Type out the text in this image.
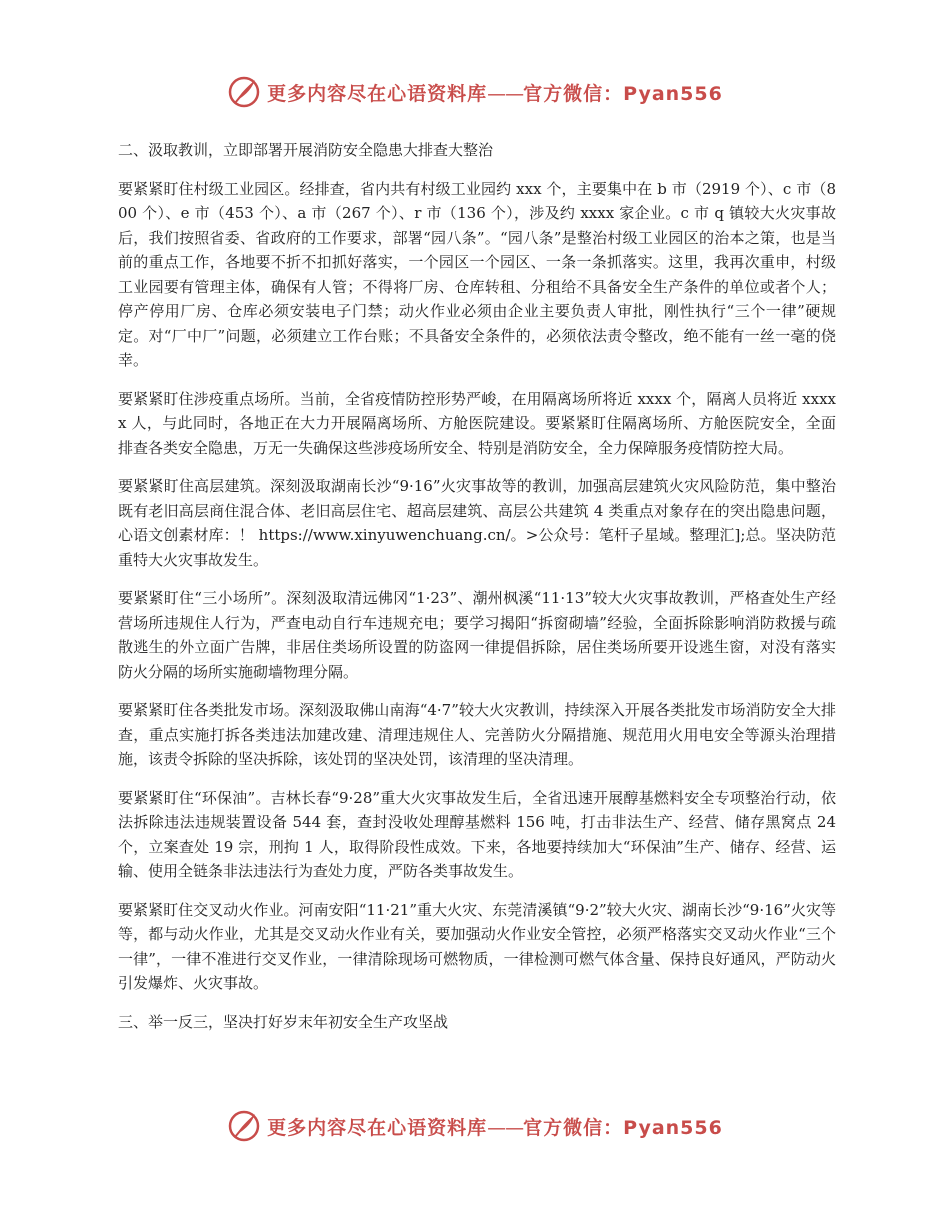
更多内容尽在心语资料库——官方微信：Pyan556

二、汲取教训，立即部署开展消防安全隐患大排查大整治

要紧紧盯住村级工业园区。经排查，省内共有村级工业园约 xxx 个，主要集中在 b 市（2919 个）、c 市（800 个）、e 市（453 个）、a 市（267 个）、r 市（136 个），涉及约 xxxx 家企业。c 市 q 镇较大火灾事故后，我们按照省委、省政府的工作要求，部署“园八条”。“园八条”是整治村级工业园区的治本之策，也是当前的重点工作，各地要不折不扣抓好落实，一个园区一个园区、一条一条抓落实。这里，我再次重申，村级工业园要有管理主体，确保有人管；不得将厂房、仓库转租、分租给不具备安全生产条件的单位或者个人；停产停用厂房、仓库必须安装电子门禁；动火作业必须由企业主要负责人审批，刚性执行“三个一律”硬规定。对“厂中厂”问题，必须建立工作台账；不具备安全条件的，必须依法责令整改，绝不能有一丝一毫的侥幸。

要紧紧盯住涉疫重点场所。当前，全省疫情防控形势严峻，在用隔离场所将近 xxxx 个，隔离人员将近 xxxxx 人，与此同时，各地正在大力开展隔离场所、方舱医院建设。要紧紧盯住隔离场所、方舱医院安全，全面排查各类安全隐患，万无一失确保这些涉疫场所安全、特别是消防安全，全力保障服务疫情防控大局。

要紧紧盯住高层建筑。深刻汲取湖南长沙“9·16”火灾事故等的教训，加强高层建筑火灾风险防范，集中整治既有老旧高层商住混合体、老旧高层住宅、超高层建筑、高层公共建筑 4 类重点对象存在的突出隐患问题，心语文创素材库：！ https://www.xinyuwenchuang.cn/。>公众号：笔杆子星域。整理汇];总。坚决防范重特大火灾事故发生。

要紧紧盯住“三小场所”。深刻汲取清远佛冈“1·23”、潮州枫溪“11·13”较大火灾事故教训，严格查处生产经营场所违规住人行为，严查电动自行车违规充电；要学习揭阳“拆窗砌墙”经验，全面拆除影响消防救援与疏散逃生的外立面广告牌，非居住类场所设置的防盗网一律提倡拆除，居住类场所要开设逃生窗，对没有落实防火分隔的场所实施砌墙物理分隔。

要紧紧盯住各类批发市场。深刻汲取佛山南海“4·7”较大火灾教训，持续深入开展各类批发市场消防安全大排查，重点实施打拆各类违法加建改建、清理违规住人、完善防火分隔措施、规范用火用电安全等源头治理措施，该责令拆除的坚决拆除，该处罚的坚决处罚，该清理的坚决清理。

要紧紧盯住“环保油”。吉林长春“9·28”重大火灾事故发生后，全省迅速开展醇基燃料安全专项整治行动，依法拆除违法违规装置设备 544 套，查封没收处理醇基燃料 156 吨，打击非法生产、经营、储存黑窝点 24 个，立案查处 19 宗，刑拘 1 人，取得阶段性成效。下来，各地要持续加大“环保油”生产、储存、经营、运输、使用全链条非法违法行为查处力度，严防各类事故发生。

要紧紧盯住交叉动火作业。河南安阳“11·21”重大火灾、东莞清溪镇“9·2”较大火灾、湖南长沙“9·16”火灾等等，都与动火作业，尤其是交叉动火作业有关，要加强动火作业安全管控，必须严格落实交叉动火作业“三个一律”，一律不准进行交叉作业，一律清除现场可燃物质，一律检测可燃气体含量、保持良好通风，严防动火引发爆炸、火灾事故。

三、举一反三，坚决打好岁末年初安全生产攻坚战

更多内容尽在心语资料库——官方微信：Pyan556
